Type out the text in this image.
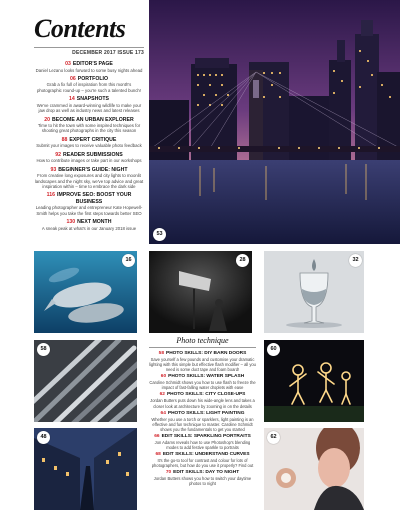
Contents
DECEMBER 2017 ISSUE 173
03 EDITOR'S PAGE
Daniel Lezano looks forward to some busy nights ahead
06 PORTFOLIO
Grab a fix full of inspiration from this month's photographic round-up – you're such a talented bunch!
14 SNAPSHOTS
We've crammed in award-winning wildlife to make your jaw drop as well as industry news and latest releases
20 BECOME AN URBAN EXPLORER
Time to hit the town with some inspired techniques for shooting great photographs in the city this season
88 EXPERT CRITIQUE
Submit your images to receive valuable photo feedback
92 READER SUBMISSIONS
How to contribute images or take part in our workshops
93 BEGINNER'S GUIDE: NIGHT
From creative long exposures and city lights to moonlit landscapes and the night sky, we've top advice and great inspiration within – time to embrace the dark side
116 IMPROVE SEO: BOOST YOUR BUSINESS
Leading photographer and entrepreneur Kate Hopewell-Smith helps you take the first steps towards better SEO
130 NEXT MONTH
A sneak peak at what's in our January 2018 issue
53
16	28	32
58
Photo technique
58 PHOTO SKILLS: DIY BARN DOORS
Save yourself a few pounds and customise your dramatic lighting with this simple but effective flash modifier – all you need is some duct tape and foam board!
60 PHOTO SKILLS: WATER SPLASH
Caroline Schmidt shows you how to use flash to freeze the impact of fast-falling water droplets with ease
62 PHOTO SKILLS: CITY CLOSE-UPS
Jordan Butters puts down his wide-angle lens and takes a closer look at architecture by zooming in on the details
64 PHOTO SKILLS: LIGHT PAINTING
Whether you use a torch or sparklers, light painting is an effective and fun technique to master. Caroline Schmidt shows you the fundamentals to get you started
66 EDIT SKILLS: SPARKLING PORTRAITS
Jon Adams reveals how to use Photoshop's blending modes to add festive sparkle to portraits
68 EDIT SKILLS: UNDERSTAND CURVES
It's the go-to tool for contrast and colour for lots of photographers, but how do you use it properly? Find out
70 EDIT SKILLS: DAY TO NIGHT
Jordan Butters shows you how to switch your daytime photos to night
60
48	62
